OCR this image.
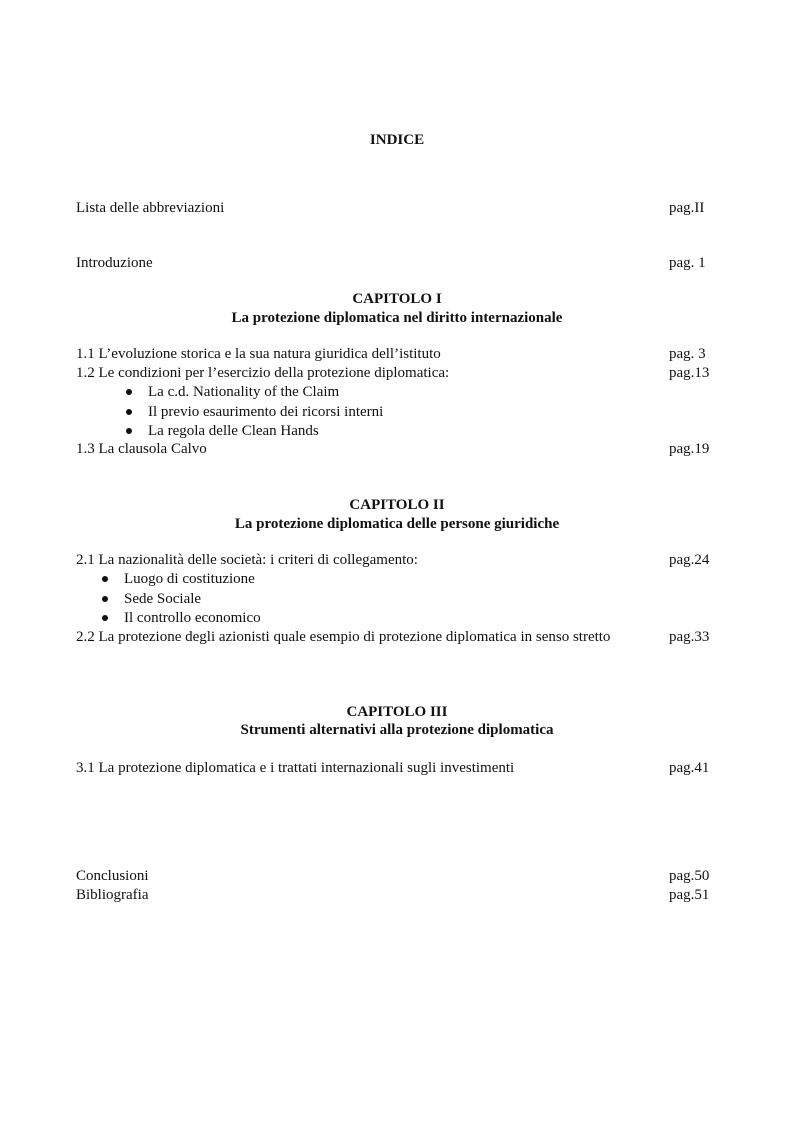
INDICE
Lista delle abbreviazioni	pag.II
Introduzione	pag. 1
CAPITOLO I
La protezione diplomatica nel diritto internazionale
1.1 L’evoluzione storica e la sua natura giuridica dell’istituto	pag. 3
1.2 Le condizioni per l’esercizio della protezione diplomatica:	pag.13
La c.d. Nationality of the Claim
Il previo esaurimento dei ricorsi interni
La regola delle Clean Hands
1.3 La clausola Calvo	pag.19
CAPITOLO II
La protezione diplomatica delle persone giuridiche
2.1 La nazionalità delle società: i criteri di collegamento:	pag.24
Luogo di costituzione
Sede Sociale
Il controllo economico
2.2 La protezione degli azionisti quale esempio di protezione diplomatica in senso stretto	pag.33
CAPITOLO III
Strumenti alternativi alla protezione diplomatica
3.1 La protezione diplomatica e i trattati internazionali sugli investimenti	pag.41
Conclusioni	pag.50
Bibliografia	pag.51
